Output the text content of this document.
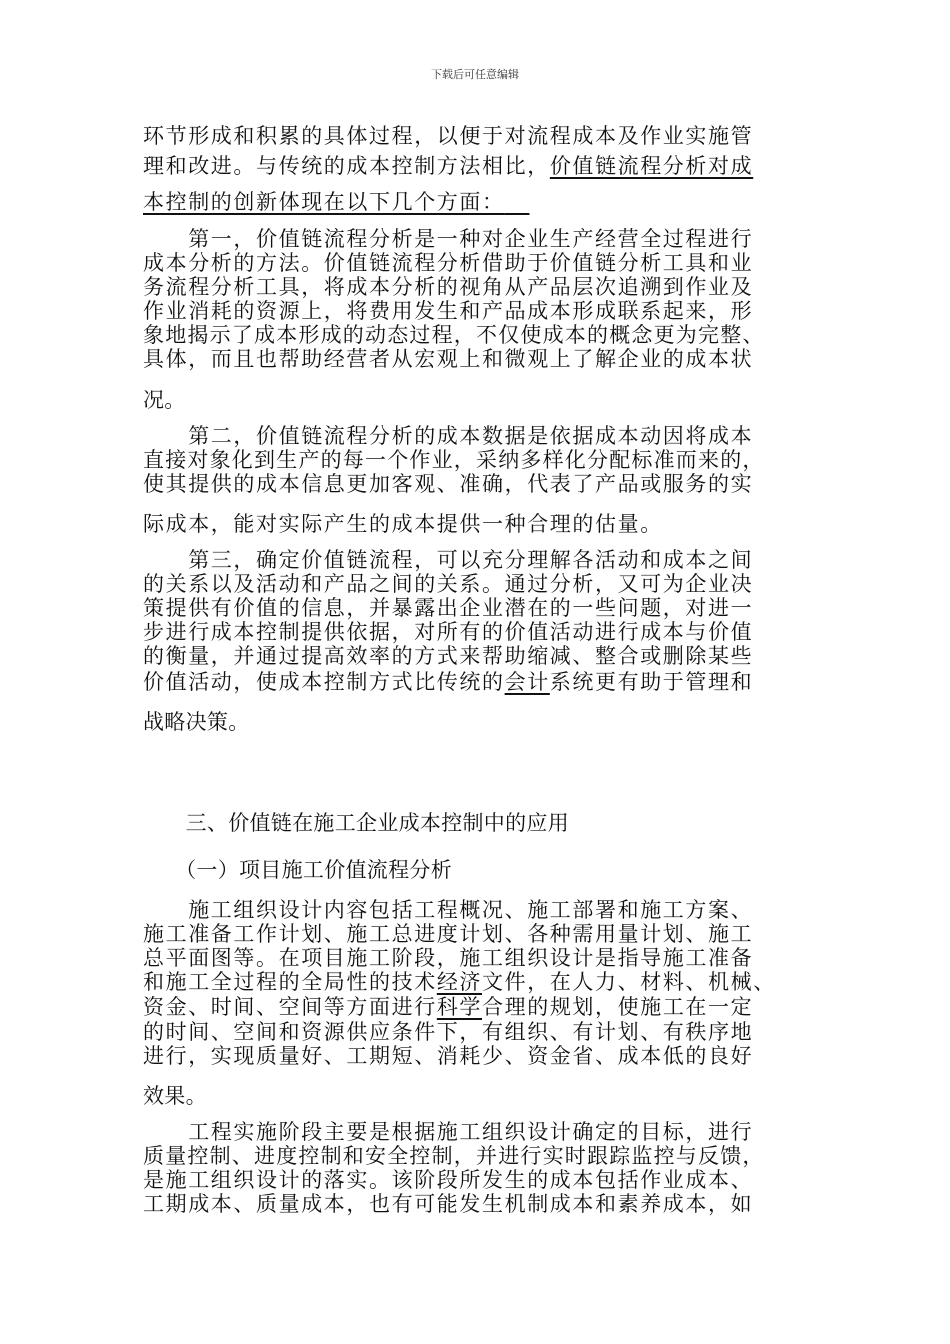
下载后可任意编辑
环节形成和积累的具体过程，以便于对流程成本及作业实施管
理和改进。与传统的成本控制方法相比，价值链流程分析对成
本控制的创新体现在以下几个方面：
　　第一，价值链流程分析是一种对企业生产经营全过程进行
成本分析的方法。价值链流程分析借助于价值链分析工具和业
务流程分析工具，将成本分析的视角从产品层次追溯到作业及
作业消耗的资源上，将费用发生和产品成本形成联系起来，形
象地揭示了成本形成的动态过程，不仅使成本的概念更为完整、
具体，而且也帮助经营者从宏观上和微观上了解企业的成本状
况。
　　第二，价值链流程分析的成本数据是依据成本动因将成本
直接对象化到生产的每一个作业，采纳多样化分配标准而来的，
使其提供的成本信息更加客观、准确，代表了产品或服务的实
际成本，能对实际产生的成本提供一种合理的估量。
　　第三，确定价值链流程，可以充分理解各活动和成本之间
的关系以及活动和产品之间的关系。通过分析，又可为企业决
策提供有价值的信息，并暴露出企业潜在的一些问题，对进一
步进行成本控制提供依据，对所有的价值活动进行成本与价值
的衡量，并通过提高效率的方式来帮助缩减、整合或删除某些
价值活动，使成本控制方式比传统的会计系统更有助于管理和
战略决策。
　　三、价值链在施工企业成本控制中的应用
　　（一）项目施工价值流程分析
　　施工组织设计内容包括工程概况、施工部署和施工方案、
施工准备工作计划、施工总进度计划、各种需用量计划、施工
总平面图等。在项目施工阶段，施工组织设计是指导施工准备
和施工全过程的全局性的技术经济文件，在人力、材料、机械、
资金、时间、空间等方面进行科学合理的规划，使施工在一定
的时间、空间和资源供应条件下，有组织、有计划、有秩序地
进行，实现质量好、工期短、消耗少、资金省、成本低的良好
效果。
　　工程实施阶段主要是根据施工组织设计确定的目标，进行
质量控制、进度控制和安全控制，并进行实时跟踪监控与反馈，
是施工组织设计的落实。该阶段所发生的成本包括作业成本、
工期成本、质量成本，也有可能发生机制成本和素养成本，如
